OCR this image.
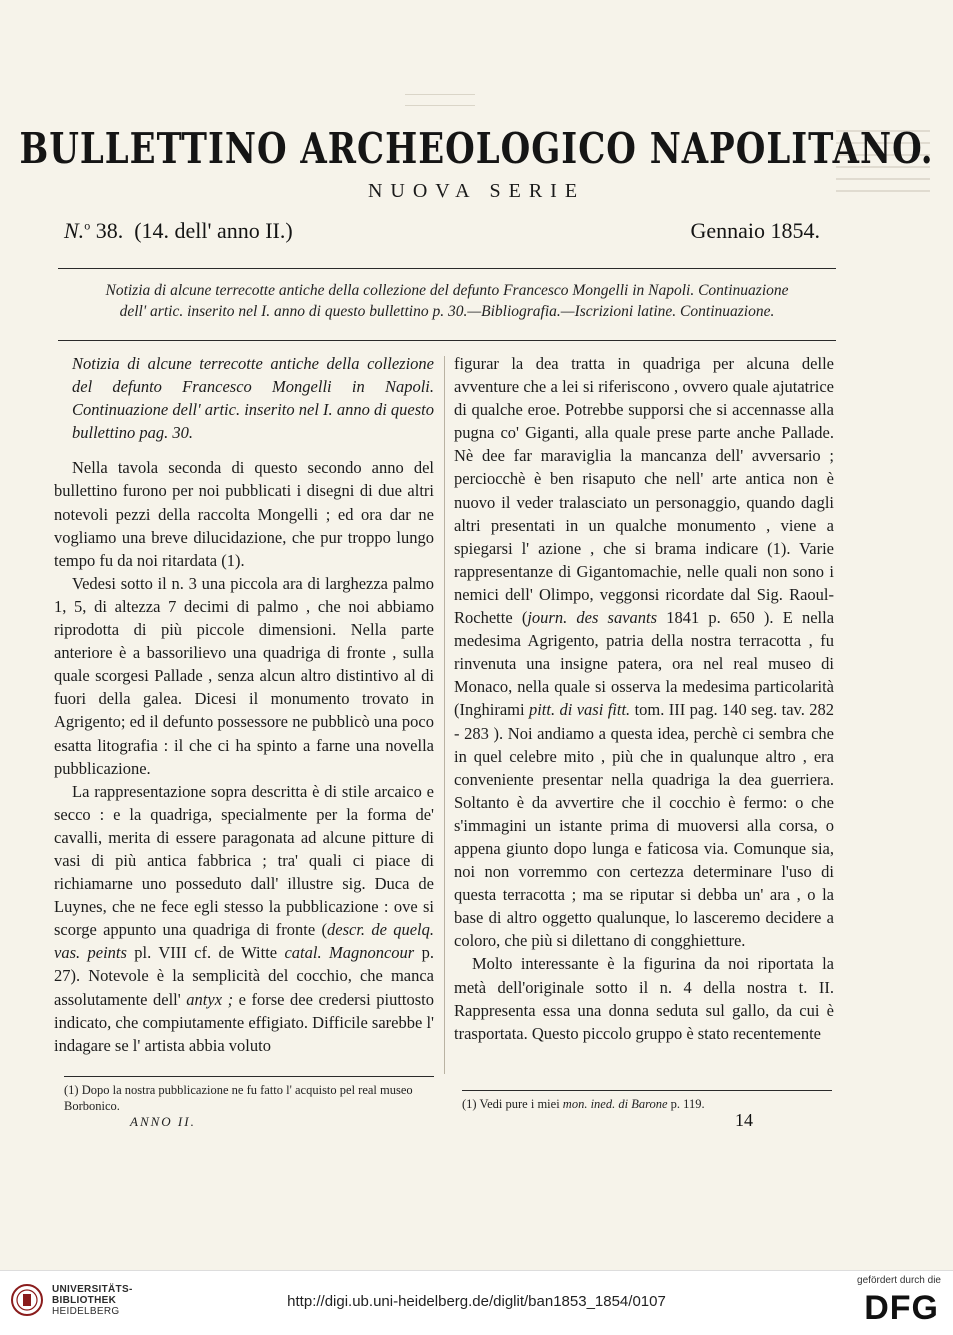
BULLETTINO ARCHEOLOGICO NAPOLITANO.
NUOVA SERIE
N.$^o$ 38. (14. dell' anno II.)	Gennaio 1854.
Notizia di alcune terrecotte antiche della collezione del defunto Francesco Mongelli in Napoli. Continuazione
dell' artic. inserito nel I. anno di questo bullettino p. 30.—Bibliografia.—Iscrizioni latine. Continuazione.

Notizia di alcune terrecotte antiche della collezione del defunto Francesco Mongelli in Napoli. Continuazione dell' artic. inserito nel I. anno di questo bullettino pag. 30.

Nella tavola seconda di questo secondo anno del bullettino furono per noi pubblicati i disegni di due altri notevoli pezzi della raccolta Mongelli ; ed ora dar ne vogliamo una breve dilucidazione, che pur troppo lungo tempo fu da noi ritardata (1).

Vedesi sotto il n. 3 una piccola ara di larghezza palmo 1, 5, di altezza 7 decimi di palmo , che noi abbiamo riprodotta di più piccole dimensioni. Nella parte anteriore è a bassorilievo una quadriga di fronte , sulla quale scorgesi Pallade , senza alcun altro distintivo al di fuori della galea. Dicesi il monumento trovato in Agrigento; ed il defunto possessore ne pubblicò una poco esatta litografia : il che ci ha spinto a farne una novella pubblicazione.

La rappresentazione sopra descritta è di stile arcaico e secco : e la quadriga, specialmente per la forma de' cavalli, merita di essere paragonata ad alcune pitture di vasi di più antica fabbrica ; tra' quali ci piace di richiamarne uno posseduto dall' illustre sig. Duca de Luynes, che ne fece egli stesso la pubblicazione : ove si scorge appunto una quadriga di fronte (descr. de quelq. vas. peints pl. VIII cf. de Witte catal. Magnoncour p. 27). Notevole è la semplicità del cocchio, che manca assolutamente dell' antyx ; e forse dee credersi piuttosto indicato, che compiutamente effigiato. Difficile sarebbe l' indagare se l' artista abbia voluto

figurar la dea tratta in quadriga per alcuna delle avventure che a lei si riferiscono , ovvero quale ajutatrice di qualche eroe. Potrebbe supporsi che si accennasse alla pugna co' Giganti, alla quale prese parte anche Pallade. Nè dee far maraviglia la mancanza dell' avversario ; perciocchè è ben risaputo che nell' arte antica non è nuovo il veder tralasciato un personaggio, quando dagli altri presentati in un qualche monumento , viene a spiegarsi l' azione , che si brama indicare (1). Varie rappresentanze di Gigantomachie, nelle quali non sono i nemici dell' Olimpo, veggonsi ricordate dal Sig. Raoul-Rochette (journ. des savants 1841 p. 650 ). E nella medesima Agrigento, patria della nostra terracotta , fu rinvenuta una insigne patera, ora nel real museo di Monaco, nella quale si osserva la medesima particolarità (Inghirami pitt. di vasi fitt. tom. III pag. 140 seg. tav. 282 - 283 ). Noi andiamo a questa idea, perchè ci sembra che in quel celebre mito , più che in qualunque altro , era conveniente presentar nella quadriga la dea guerriera. Soltanto è da avvertire che il cocchio è fermo: o che s'immagini un istante prima di muoversi alla corsa, o appena giunto dopo lunga e faticosa via. Comunque sia, noi non vorremmo con certezza determinare l'uso di questa terracotta ; ma se riputar si debba un' ara , o la base di altro oggetto qualunque, lo lasceremo decidere a coloro, che più si dilettano di congghietture.

Molto interessante è la figurina da noi riportata la metà dell'originale sotto il n. 4 della nostra t. II. Rappresenta essa una donna seduta sul gallo, da cui è trasportata. Questo piccolo gruppo è stato recentemente

(1) Dopo la nostra pubblicazione ne fu fatto l' acquisto pel real museo Borbonico.
ANNO II.
(1) Vedi pure i miei mon. ined. di Barone p. 119.
14
UNIVERSITÄTS-
BIBLIOTHEK
HEIDELBERG
http://digi.ub.uni-heidelberg.de/diglit/ban1853_1854/0107
gefördert durch die
DFG
